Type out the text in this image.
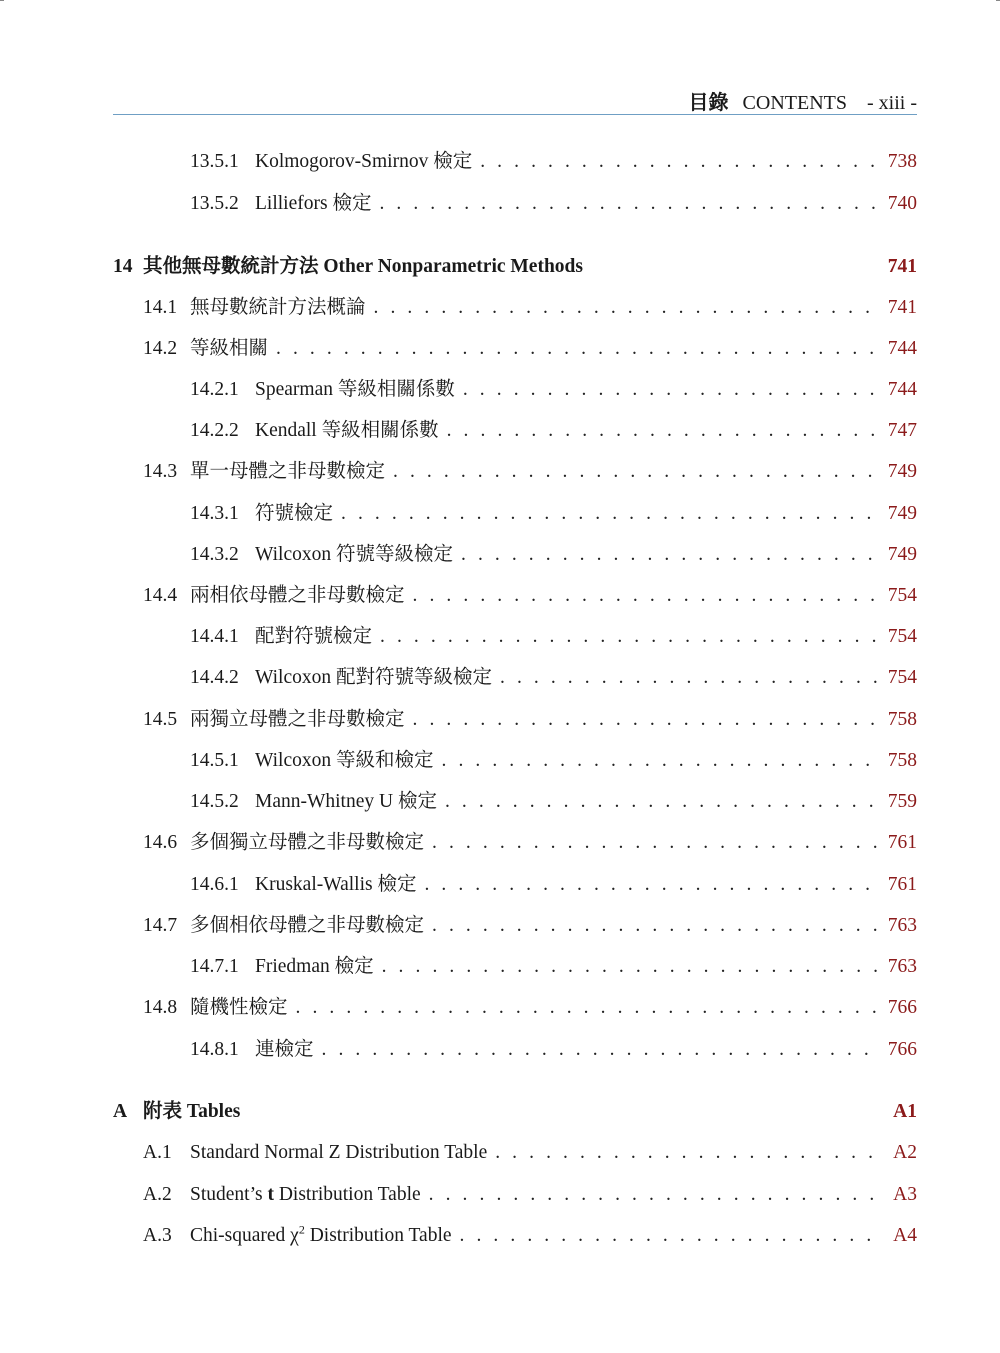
目錄 CONTENTS - xiii -
13.5.1 Kolmogorov-Smirnov 檢定 . . .	738
13.5.2 Lilliefors 檢定 . . .	740
14 其他無母數統計方法 Other Nonparametric Methods	741
14.1 無母數統計方法概論 . . .	741
14.2 等級相關 . . .	744
14.2.1 Spearman 等級相關係數 . . .	744
14.2.2 Kendall 等級相關係數 . . .	747
14.3 單一母體之非母數檢定 . . .	749
14.3.1 符號檢定 . . .	749
14.3.2 Wilcoxon 符號等級檢定 . . .	749
14.4 兩相依母體之非母數檢定 . . .	754
14.4.1 配對符號檢定 . . .	754
14.4.2 Wilcoxon 配對符號等級檢定 . . .	754
14.5 兩獨立母體之非母數檢定 . . .	758
14.5.1 Wilcoxon 等級和檢定 . . .	758
14.5.2 Mann-Whitney U 檢定 . . .	759
14.6 多個獨立母體之非母數檢定 . . .	761
14.6.1 Kruskal-Wallis 檢定 . . .	761
14.7 多個相依母體之非母數檢定 . . .	763
14.7.1 Friedman 檢定 . . .	763
14.8 隨機性檢定 . . .	766
14.8.1 連檢定 . . .	766
A 附表 Tables	A1
A.1 Standard Normal Z Distribution Table . . .	A2
A.2 Student’s t Distribution Table . . .	A3
A.3 Chi-squared $\chi^2$ Distribution Table . . .	A4
